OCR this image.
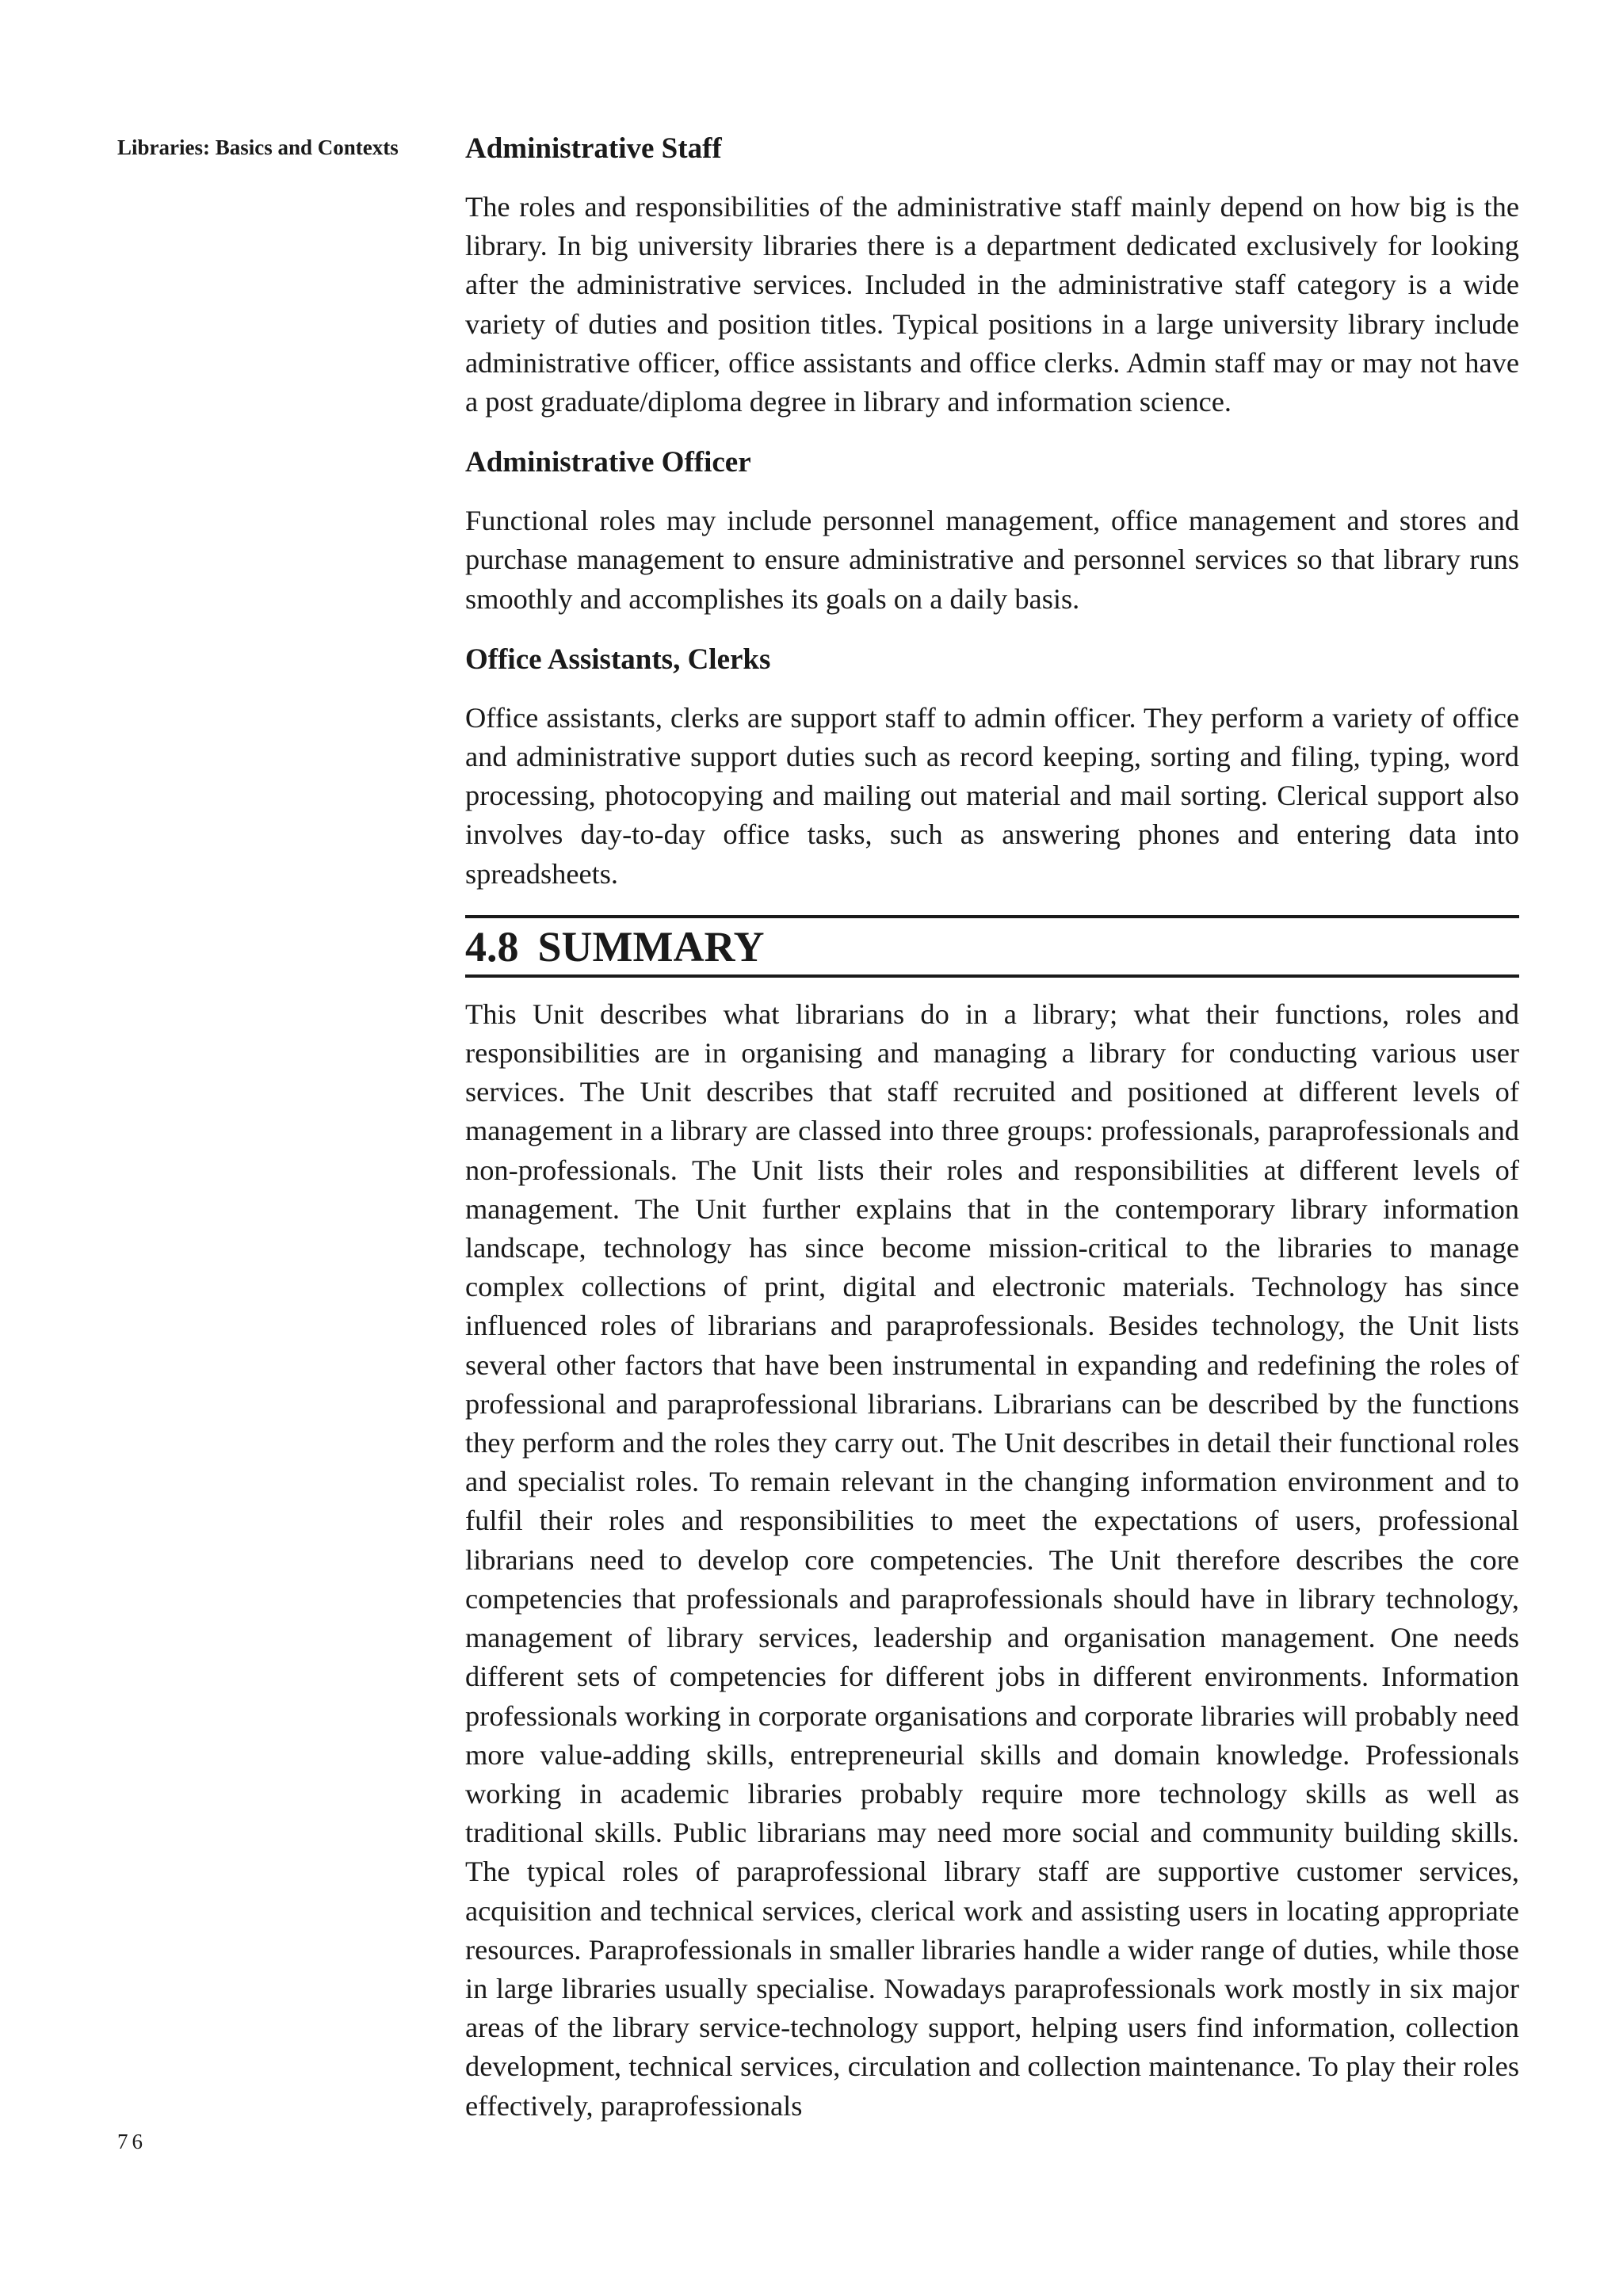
Libraries: Basics and Contexts Administrative Staff

The roles and responsibilities of the administrative staff mainly depend on how big is the library. In big university libraries there is a department dedicated exclusively for looking after the administrative services. Included in the administrative staff category is a wide variety of duties and position titles. Typical positions in a large university library include administrative officer, office assistants and office clerks. Admin staff may or may not have a post graduate/diploma degree in library and information science.

Administrative Officer

Functional roles may include personnel management, office management and stores and purchase management to ensure administrative and personnel services so that library runs smoothly and accomplishes its goals on a daily basis.

Office Assistants, Clerks

Office assistants, clerks are support staff to admin officer. They perform a variety of office and administrative support duties such as record keeping, sorting and filing, typing, word processing, photocopying and mailing out material and mail sorting. Clerical support also involves day-to-day office tasks, such as answering phones and entering data into spreadsheets.

4.8 SUMMARY

This Unit describes what librarians do in a library; what their functions, roles and responsibilities are in organising and managing a library for conducting various user services. The Unit describes that staff recruited and positioned at different levels of management in a library are classed into three groups: professionals, paraprofessionals and non-professionals. The Unit lists their roles and responsibilities at different levels of management. The Unit further explains that in the contemporary library information landscape, technology has since become mission-critical to the libraries to manage complex collections of print, digital and electronic materials. Technology has since influenced roles of librarians and paraprofessionals. Besides technology, the Unit lists several other factors that have been instrumental in expanding and redefining the roles of professional and paraprofessional librarians. Librarians can be described by the functions they perform and the roles they carry out. The Unit describes in detail their functional roles and specialist roles. To remain relevant in the changing information environment and to fulfil their roles and responsibilities to meet the expectations of users, professional librarians need to develop core competencies. The Unit therefore describes the core competencies that professionals and paraprofessionals should have in library technology, management of library services, leadership and organisation management. One needs different sets of competencies for different jobs in different environments. Information professionals working in corporate organisations and corporate libraries will probably need more value-adding skills, entrepreneurial skills and domain knowledge. Professionals working in academic libraries probably require more technology skills as well as traditional skills. Public librarians may need more social and community building skills. The typical roles of paraprofessional library staff are supportive customer services, acquisition and technical services, clerical work and assisting users in locating appropriate resources. Paraprofessionals in smaller libraries handle a wider range of duties, while those in large libraries usually specialise. Nowadays paraprofessionals work mostly in six major areas of the library service-technology support, helping users find information, collection development, technical services, circulation and collection maintenance. To play their roles effectively, paraprofessionals

76
